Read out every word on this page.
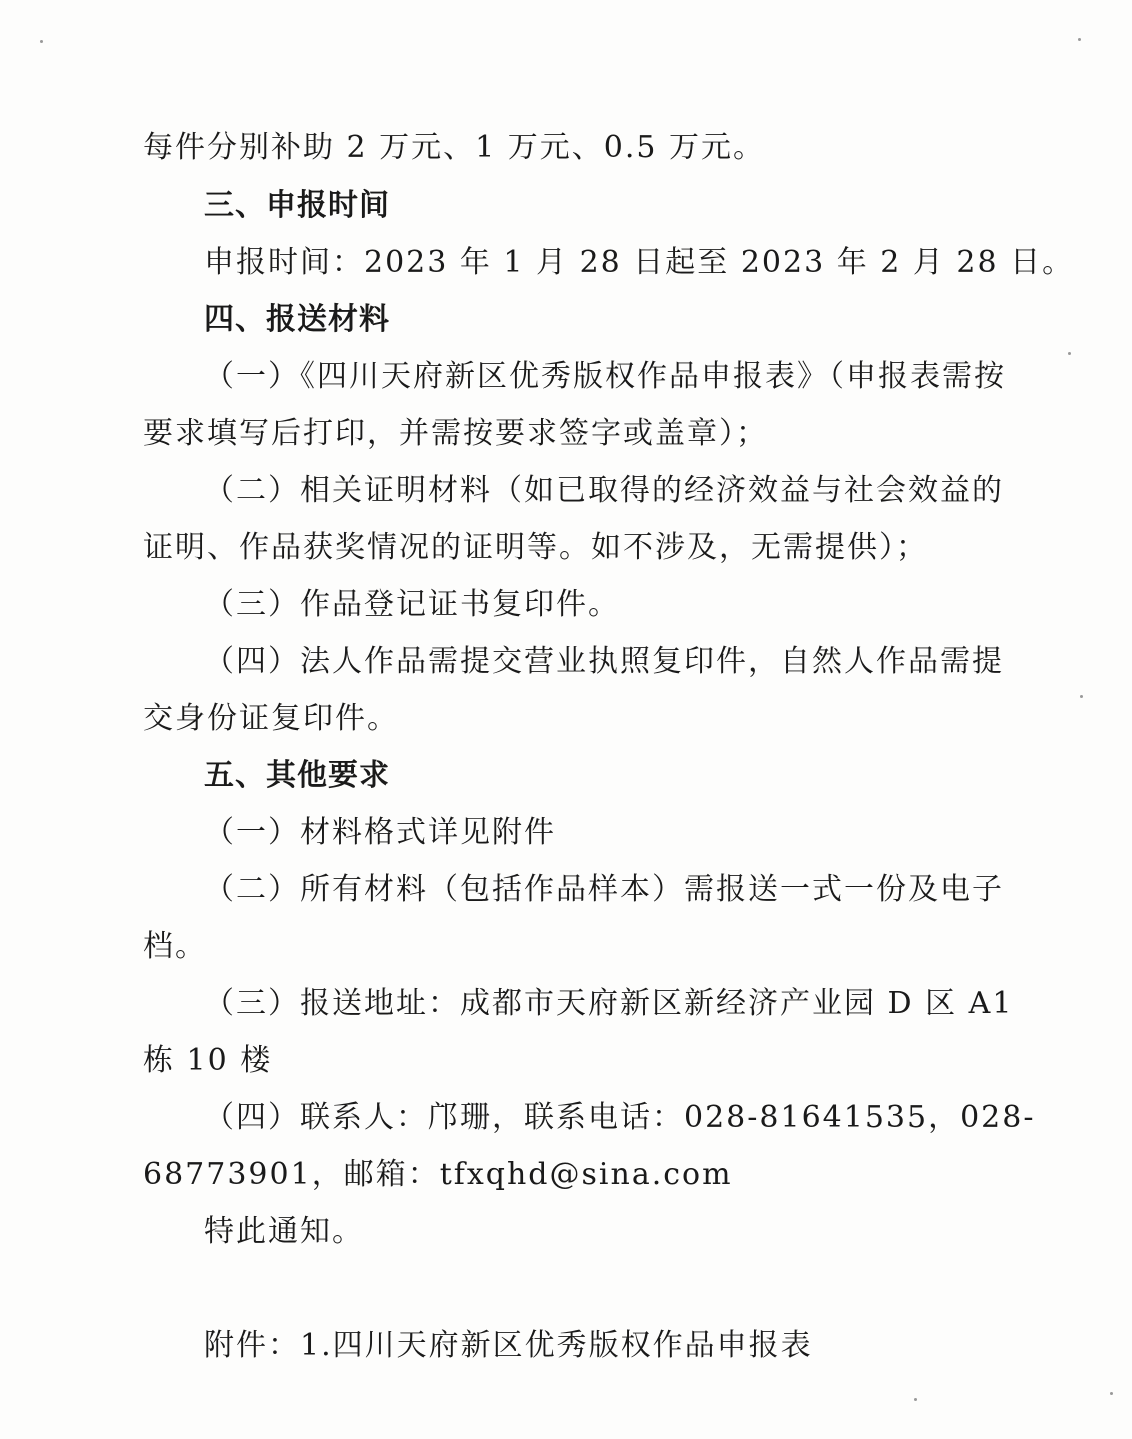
每件分别补助 2 万元、1 万元、0.5 万元。
三、申报时间
申报时间：2023 年 1 月 28 日起至 2023 年 2 月 28 日。
四、报送材料
（一）《四川天府新区优秀版权作品申报表》（申报表需按
要求填写后打印，并需按要求签字或盖章）；
（二）相关证明材料（如已取得的经济效益与社会效益的
证明、作品获奖情况的证明等。如不涉及，无需提供）；
（三）作品登记证书复印件。
（四）法人作品需提交营业执照复印件，自然人作品需提
交身份证复印件。
五、其他要求
（一）材料格式详见附件
（二）所有材料（包括作品样本）需报送一式一份及电子
档。
（三）报送地址：成都市天府新区新经济产业园 D 区 A1
栋 10 楼
（四）联系人：邝珊，联系电话：028-81641535，028-
68773901，邮箱：tfxqhd@sina.com
特此通知。
附件：1.四川天府新区优秀版权作品申报表
